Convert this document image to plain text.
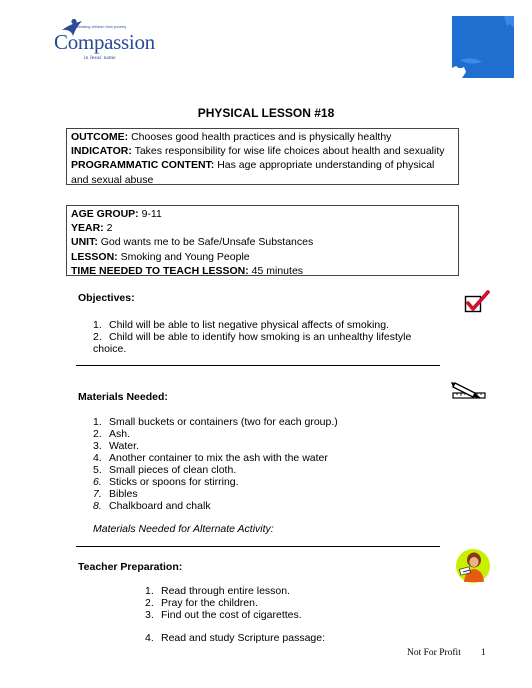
Releasing children from poverty
Compassion
in Jesus' name
PHYSICAL LESSON #18
OUTCOME: Chooses good health practices and is physically healthy
INDICATOR: Takes responsibility for wise life choices about health and sexuality
PROGRAMMATIC CONTENT: Has age appropriate understanding of physical
and sexual abuse
AGE GROUP: 9-11
YEAR: 2
UNIT: God wants me to be Safe/Unsafe Substances
LESSON: Smoking and Young People
TIME NEEDED TO TEACH LESSON: 45 minutes
Objectives:
1. Child will be able to list negative physical affects of smoking.
2. Child will be able to identify how smoking is an unhealthy lifestyle
choice.
Materials Needed:
1. Small buckets or containers (two for each group.)
2. Ash.
3. Water.
4. Another container to mix the ash with the water
5. Small pieces of clean cloth.
6. Sticks or spoons for stirring.
7. Bibles
8. Chalkboard and chalk
Materials Needed for Alternate Activity:
Teacher Preparation:
1. Read through entire lesson.
2. Pray for the children.
3. Find out the cost of cigarettes.
4. Read and study Scripture passage:
Not For Profit 1
